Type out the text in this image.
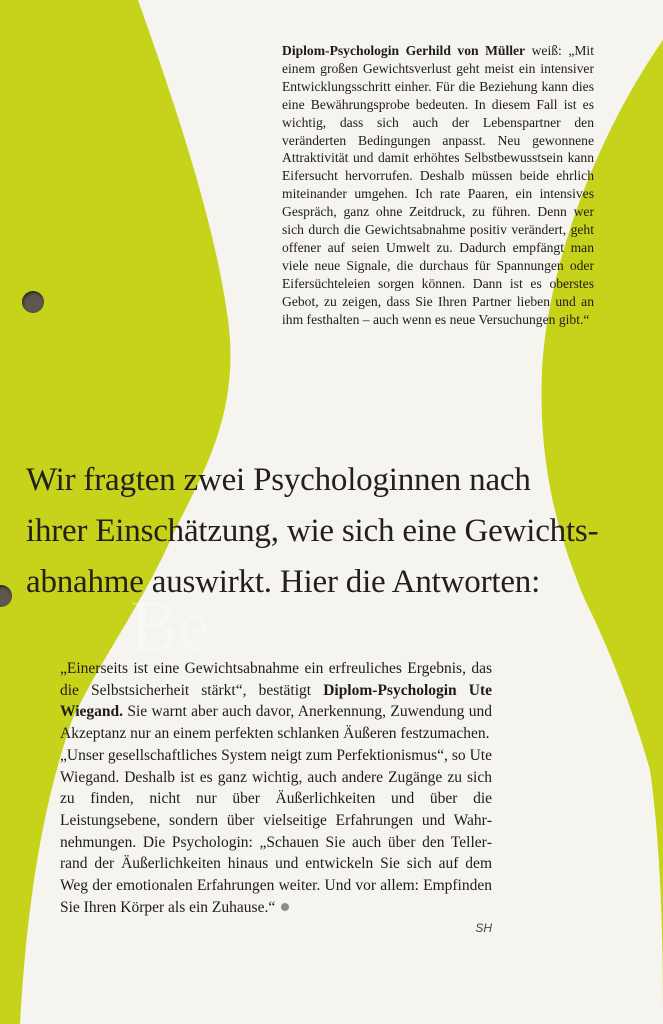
Be

Diplom-Psychologin Gerhild von Müller weiß: „Mit einem großen Gewichtsverlust geht meist ein intensiver Entwicklungsschritt einher. Für die Beziehung kann dies eine Bewährungsprobe bedeuten. In diesem Fall ist es wichtig, dass sich auch der Lebenspartner den veränderten Bedingungen anpasst. Neu gewonnene Attraktivität und damit erhöhtes Selbstbewusstsein kann Eifersucht hervorrufen. Deshalb müssen beide ehrlich miteinander umgehen. Ich rate Paaren, ein intensives Gespräch, ganz ohne Zeitdruck, zu führen. Denn wer sich durch die Gewichtsabnahme positiv verändert, geht offener auf seien Umwelt zu. Dadurch empfängt man viele neue Signale, die durchaus für Spannungen oder Eifersüchteleien sorgen können. Dann ist es oberstes Gebot, zu zeigen, dass Sie Ihren Partner lieben und an ihm festhalten – auch wenn es neue Versuchungen gibt.“

Wir fragten zwei Psychologinnen nach
ihrer Einschätzung, wie sich eine Gewichts-
abnahme auswirkt. Hier die Antworten:

„Einerseits ist eine Gewichtsabnahme ein erfreuliches Ergebnis, das die Selbstsicherheit stärkt“, bestätigt Diplom-Psychologin Ute Wiegand. Sie warnt aber auch davor, Anerkennung, Zuwendung und Akzeptanz nur an einem perfekten schlanken Äußeren festzumachen.

„Unser gesellschaftliches System neigt zum Perfektionismus“, so Ute Wiegand. Deshalb ist es ganz wichtig, auch andere Zugänge zu sich zu finden, nicht nur über Äußerlichkeiten und über die Leistungsebene, sondern über vielseitige Erfahrungen und Wahrnehmungen. Die Psychologin: „Schauen Sie auch über den Tellerrand der Äußerlichkeiten hinaus und entwickeln Sie sich auf dem Weg der emotionalen Erfahrungen weiter. Und vor allem: Empfinden Sie Ihren Körper als ein Zuhause.“

SH
